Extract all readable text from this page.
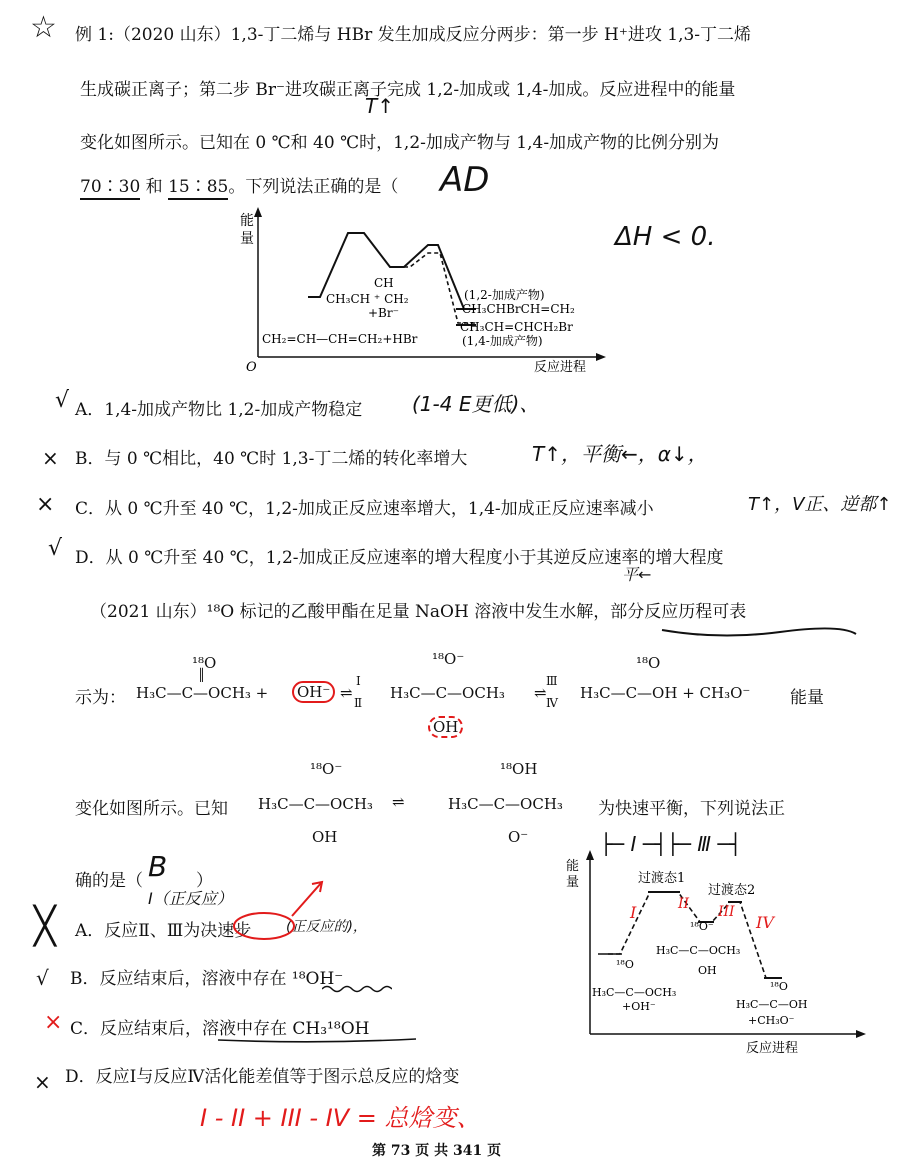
☆ 例 1:（2020 山东）1,3-丁二烯与 HBr 发生加成反应分两步：第一步 H⁺进攻 1,3-丁二烯
生成碳正离子；第二步 Br⁻进攻碳正离子完成 1,2-加成或 1,4-加成。反应进程中的能量
变化如图所示。已知在 0 ℃和 40 ℃时，1,2-加成产物与 1,4-加成产物的比例分别为
T↑
70∶30 和 15∶85。下列说法正确的是（ AD
ΔH < 0.
能
量
O	反应进程
CH₂=CH—CH=CH₂+HBr
CH
CH₃CH ⁺ CH₂
+Br⁻
(1,2-加成产物)
CH₃CHBrCH=CH₂
CH₃CH=CHCH₂Br
(1,4-加成产物)
√ A．1,4-加成产物比 1,2-加成产物稳定 (1-4 E更低)、
× B．与 0 ℃相比，40 ℃时 1,3-丁二烯的转化率增大	T↑，平衡←，α↓，
× C．从 0 ℃升至 40 ℃，1,2-加成正反应速率增大，1,4-加成正反应速率减小	T↑，V正、逆都↑
√ D．从 0 ℃升至 40 ℃，1,2-加成正反应速率的增大程度小于其逆反应速率的增大程度
平←
（2021 山东）¹⁸O 标记的乙酸甲酯在足量 NaOH 溶液中发生水解，部分反应历程可表
示为：
¹⁸O
║
H₃C—C—OCH₃ +	OH⁻
Ⅰ
Ⅱ
⇌
¹⁸O⁻
H₃C—C—OCH₃
OH
Ⅲ
Ⅳ
⇌
¹⁸O
H₃C—C—OH + CH₃O⁻ 能量
变化如图所示。已知
¹⁸O⁻
H₃C—C—OCH₃
OH
⇌
¹⁸OH
H₃C—C—OCH₃
O⁻
为快速平衡，下列说法正
确的是（ B ）
I（正反应）
╳ A．反应Ⅱ、Ⅲ为决速步 (正反应的)，
√ B．反应结束后，溶液中存在 ¹⁸OH⁻
× C．反应结束后，溶液中存在 CH₃¹⁸OH
× D．反应Ⅰ与反应Ⅳ活化能差值等于图示总反应的焓变
I - II + III - IV = 总焓变、
├─ I ─┤├─ Ⅲ ─┤
能
量
反应进程
过渡态1
过渡态2
I	II III
IV
¹⁸O⁻
H₃C—C—OCH₃
OH
¹⁸O
H₃C—C—OCH₃
+OH⁻
¹⁸O
H₃C—C—OH
+CH₃O⁻
第 73 页 共 341 页
